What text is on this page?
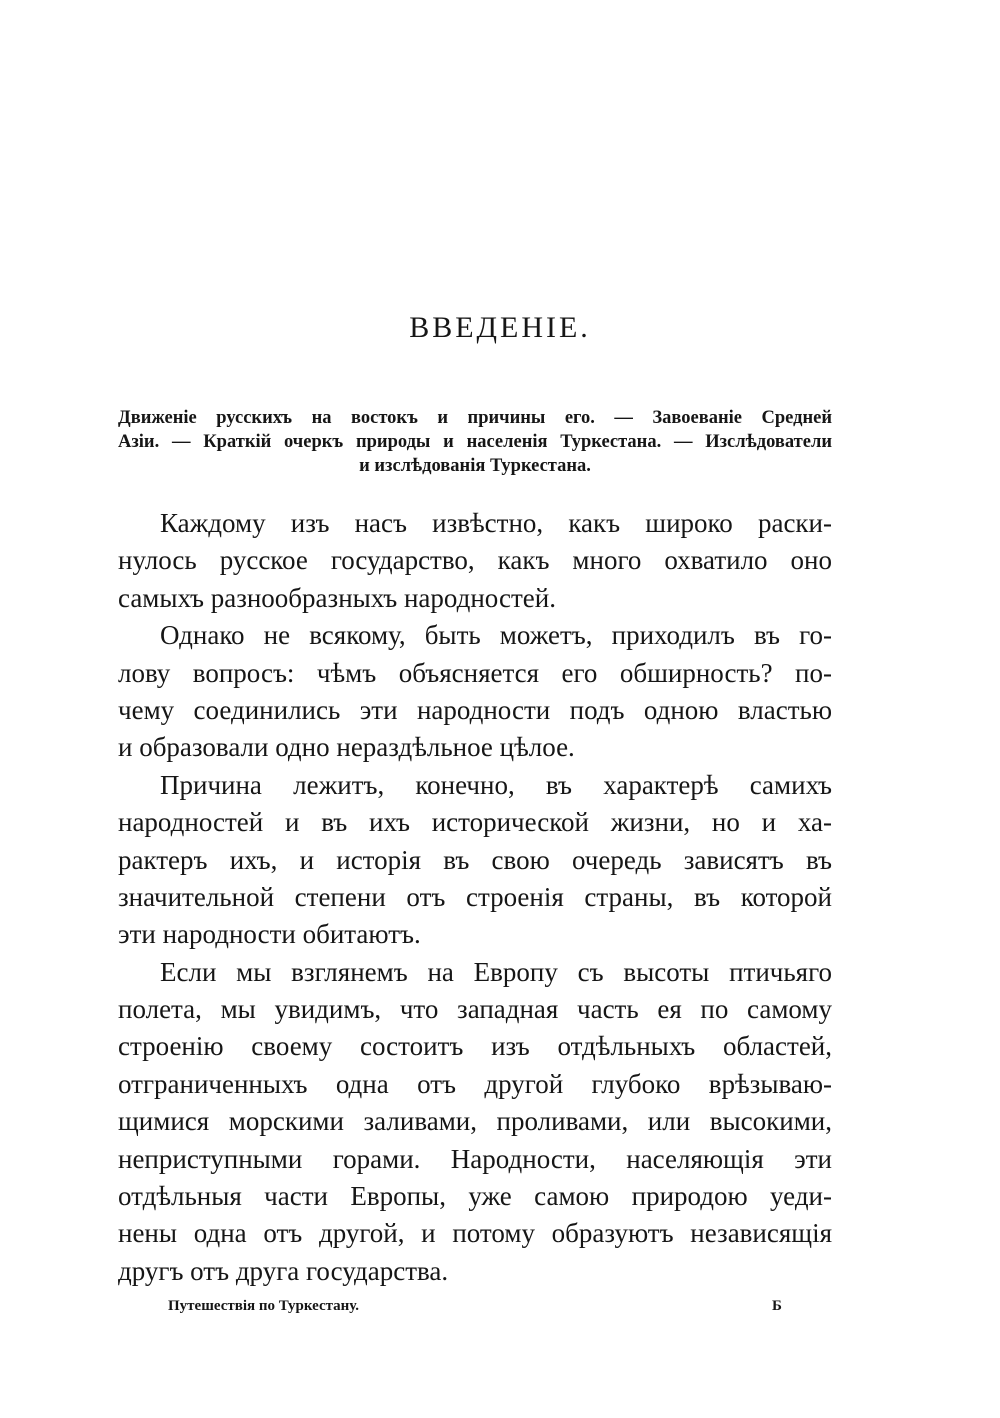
ВВЕДЕНІЕ.
Движеніе русскихъ на востокъ и причины его. — Завоеваніе Средней
Азіи. — Краткій очеркъ природы и населенія Туркестана. — Изслѣдователи
и изслѣдованія Туркестана.
Каждому изъ насъ извѣстно, какъ широко раски-
нулось русское государство, какъ много охватило оно
самыхъ разнообразныхъ народностей.
Однако не всякому, быть можетъ, приходилъ въ го-
лову вопросъ: чѣмъ объясняется его обширность? по-
чему соединились эти народности подъ одною властью
и образовали одно нераздѣльное цѣлое.
Причина лежитъ, конечно, въ характерѣ самихъ
народностей и въ ихъ исторической жизни, но и ха-
рактеръ ихъ, и исторія въ свою очередь зависятъ въ
значительной степени отъ строенія страны, въ которой
эти народности обитаютъ.
Если мы взглянемъ на Европу съ высоты птичьяго
полета, мы увидимъ, что западная часть ея по самому
строенію своему состоитъ изъ отдѣльныхъ областей,
отграниченныхъ одна отъ другой глубоко врѣзываю-
щимися морскими заливами, проливами, или высокими,
неприступными горами. Народности, населяющія эти
отдѣльныя части Европы, уже самою природою уеди-
нены одна отъ другой, и потому образуютъ независящія
другъ отъ друга государства.
Путешествія по Туркестану.	Б
